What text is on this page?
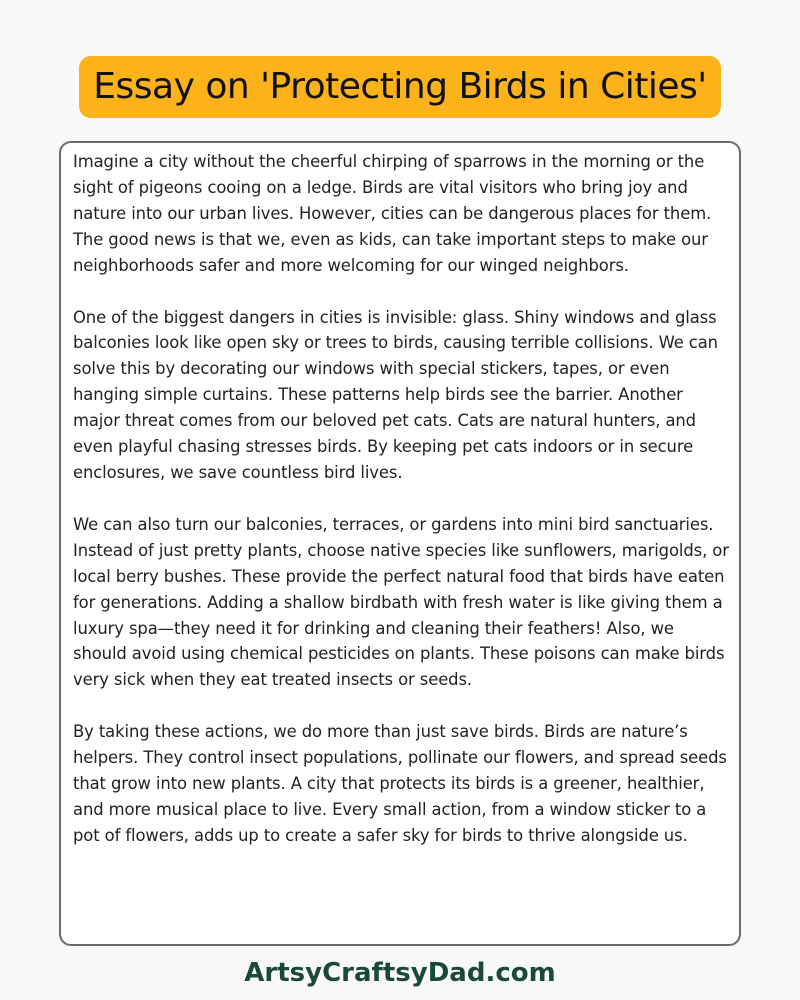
Essay on 'Protecting Birds in Cities'

Imagine a city without the cheerful chirping of sparrows in the morning or the sight of pigeons cooing on a ledge. Birds are vital visitors who bring joy and nature into our urban lives. However, cities can be dangerous places for them. The good news is that we, even as kids, can take important steps to make our neighborhoods safer and more welcoming for our winged neighbors.

One of the biggest dangers in cities is invisible: glass. Shiny windows and glass balconies look like open sky or trees to birds, causing terrible collisions. We can solve this by decorating our windows with special stickers, tapes, or even hanging simple curtains. These patterns help birds see the barrier. Another major threat comes from our beloved pet cats. Cats are natural hunters, and even playful chasing stresses birds. By keeping pet cats indoors or in secure enclosures, we save countless bird lives.

We can also turn our balconies, terraces, or gardens into mini bird sanctuaries. Instead of just pretty plants, choose native species like sunflowers, marigolds, or local berry bushes. These provide the perfect natural food that birds have eaten for generations. Adding a shallow birdbath with fresh water is like giving them a luxury spa—they need it for drinking and cleaning their feathers! Also, we should avoid using chemical pesticides on plants. These poisons can make birds very sick when they eat treated insects or seeds.

By taking these actions, we do more than just save birds. Birds are nature’s helpers. They control insect populations, pollinate our flowers, and spread seeds that grow into new plants. A city that protects its birds is a greener, healthier, and more musical place to live. Every small action, from a window sticker to a pot of flowers, adds up to create a safer sky for birds to thrive alongside us.

ArtsyCraftsyDad.com
